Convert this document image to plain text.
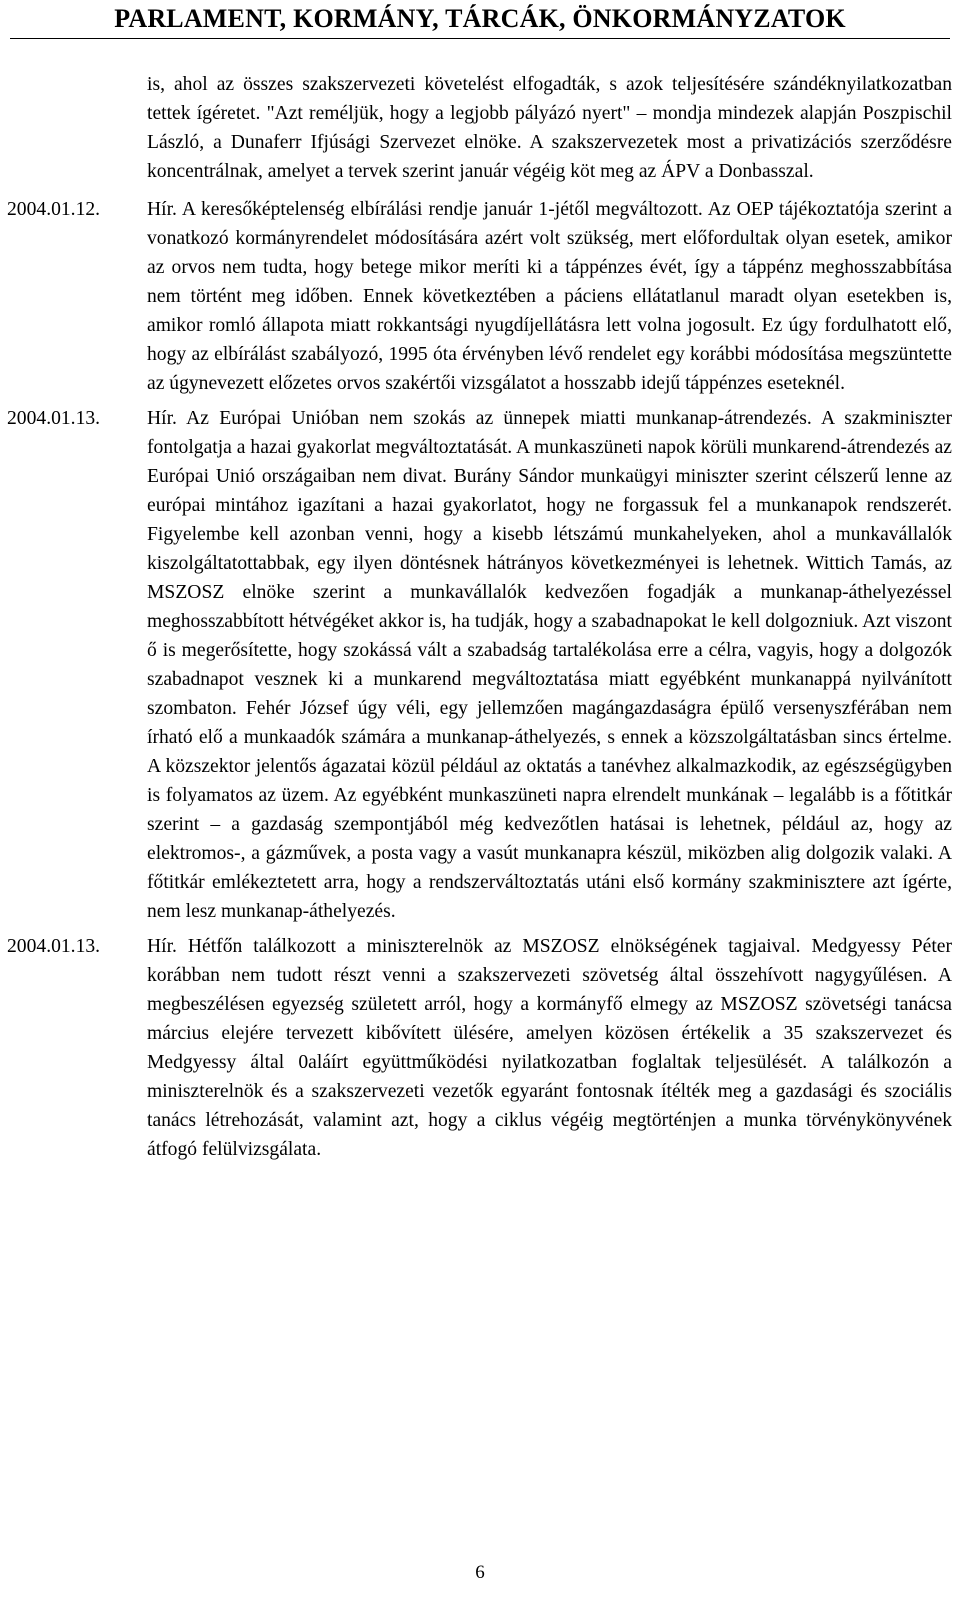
PARLAMENT, KORMÁNY, TÁRCÁK, ÖNKORMÁNYZATOK
is, ahol az összes szakszervezeti követelést elfogadták, s azok teljesítésére szándéknyilatkozatban tettek ígéretet. "Azt reméljük, hogy a legjobb pályázó nyert" – mondja mindezek alapján Poszpischil László, a Dunaferr Ifjúsági Szervezet elnöke. A szakszervezetek most a privatizációs szerződésre koncentrálnak, amelyet a tervek szerint január végéig köt meg az ÁPV a Donbasszal.
2004.01.12. Hír. A keresőképtelenség elbírálási rendje január 1-jétől megváltozott. Az OEP tájékoztatója szerint a vonatkozó kormányrendelet módosítására azért volt szükség, mert előfordultak olyan esetek, amikor az orvos nem tudta, hogy betege mikor meríti ki a táppénzes évét, így a táppénz meghosszabbítása nem történt meg időben. Ennek következtében a páciens ellátatlanul maradt olyan esetekben is, amikor romló állapota miatt rokkantsági nyugdíjellátásra lett volna jogosult. Ez úgy fordulhatott elő, hogy az elbírálást szabályozó, 1995 óta érvényben lévő rendelet egy korábbi módosítása megszüntette az úgynevezett előzetes orvos szakértői vizsgálatot a hosszabb idejű táppénzes eseteknél.
2004.01.13. Hír. Az Európai Unióban nem szokás az ünnepek miatti munkanap-átrendezés. A szakminiszter fontolgatja a hazai gyakorlat megváltoztatását. A munkaszüneti napok körüli munkarend-átrendezés az Európai Unió országaiban nem divat. Burány Sándor munkaügyi miniszter szerint célszerű lenne az európai mintához igazítani a hazai gyakorlatot, hogy ne forgassuk fel a munkanapok rendszerét. Figyelembe kell azonban venni, hogy a kisebb létszámú munkahelyeken, ahol a munkavállalók kiszolgáltatottabbak, egy ilyen döntésnek hátrányos következményei is lehetnek. Wittich Tamás, az MSZOSZ elnöke szerint a munkavállalók kedvezően fogadják a munkanap-áthelyezéssel meghosszabbított hétvégéket akkor is, ha tudják, hogy a szabadnapokat le kell dolgozniuk. Azt viszont ő is megerősítette, hogy szokássá vált a szabadság tartalékolása erre a célra, vagyis, hogy a dolgozók szabadnapot vesznek ki a munkarend megváltoztatása miatt egyébként munkanappá nyilvánított szombaton. Fehér József úgy véli, egy jellemzően magángazdaságra épülő versenyszférában nem írható elő a munkaadók számára a munkanap-áthelyezés, s ennek a közszolgáltatásban sincs értelme. A közszektor jelentős ágazatai közül például az oktatás a tanévhez alkalmazkodik, az egészségügyben is folyamatos az üzem. Az egyébként munkaszüneti napra elrendelt munkának – legalább is a főtitkár szerint – a gazdaság szempontjából még kedvezőtlen hatásai is lehetnek, például az, hogy az elektromos-, a gázművek, a posta vagy a vasút munkanapra készül, miközben alig dolgozik valaki. A főtitkár emlékeztetett arra, hogy a rendszerváltoztatás utáni első kormány szakminisztere azt ígérte, nem lesz munkanap-áthelyezés.
2004.01.13. Hír. Hétfőn találkozott a miniszterelnök az MSZOSZ elnökségének tagjaival. Medgyessy Péter korábban nem tudott részt venni a szakszervezeti szövetség által összehívott nagygyűlésen. A megbeszélésen egyezség született arról, hogy a kormányfő elmegy az MSZOSZ szövetségi tanácsa március elejére tervezett kibővített ülésére, amelyen közösen értékelik a 35 szakszervezet és Medgyessy által 0aláírt együttműködési nyilatkozatban foglaltak teljesülését. A találkozón a miniszterelnök és a szakszervezeti vezetők egyaránt fontosnak ítélték meg a gazdasági és szociális tanács létrehozását, valamint azt, hogy a ciklus végéig megtörténjen a munka törvénykönyvének átfogó felülvizsgálata.
6
